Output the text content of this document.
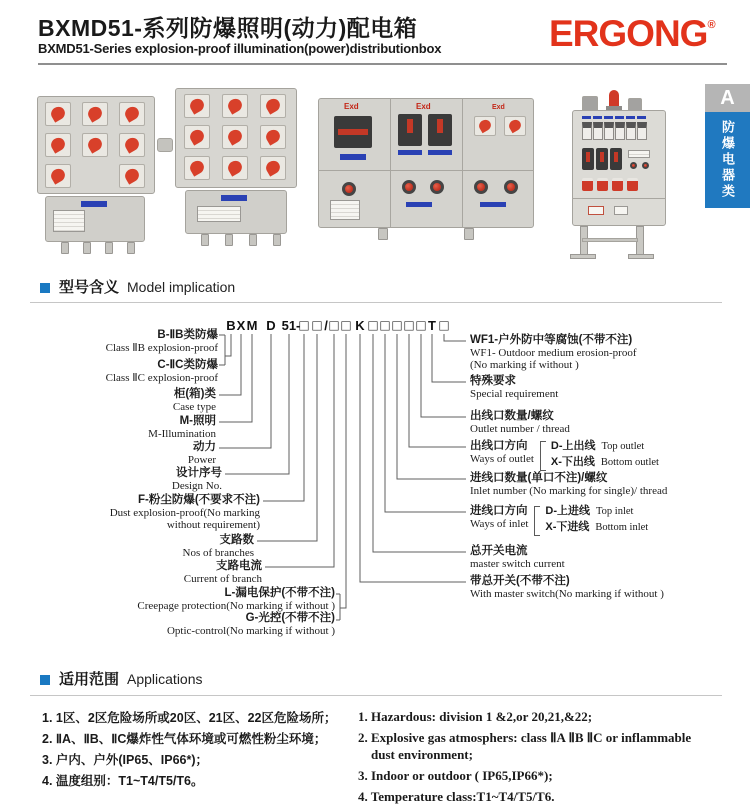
BXMD51-系列防爆照明(动力)配电箱
BXMD51-Series explosion-proof illumination(power)distributionbox	ERGONG®
A
防爆电器类
Exd	Exd	Exd
型号含义 Model implication
B X M D 51-
□ □ / □ □ K □ □ □ □ □ T □
B-ⅡB类防爆
Class ⅡB explosion-proof
C-ⅡC类防爆
Class ⅡC explosion-proof
柜(箱)类
Case type
M-照明
M-Illumination
动力
Power
设计序号
Design No.
F-粉尘防爆(不要求不注)
Dust explosion-proof(No marking without requirement)
支路数
Nos of branches
支路电流
Current of branch
L-漏电保护(不带不注)
Creepage protection(No marking if without )
G-光控(不带不注)
Optic-control(No marking if without )
WF1-户外防中等腐蚀(不带不注)
WF1- Outdoor medium erosion-proof
(No marking if without )
特殊要求
Special requirement
出线口数量/螺纹
Outlet number / thread
出线口方向
Ways of outlet
D-上出线 Top outlet
X-下出线 Bottom outlet
进线口数量(单口不注)/螺纹
Inlet number (No marking for single)/ thread
进线口方向
Ways of inlet
D-上进线 Top inlet
X-下进线 Bottom inlet
总开关电流
master switch current
带总开关(不带不注)
With master switch(No marking if without )
适用范围 Applications

1. 1区、2区危险场所或20区、21区、22区危险场所；

2. ⅡA、ⅡB、ⅡC爆炸性气体环境或可燃性粉尘环境；

3. 户内、户外(IP65、IP66*)；

4. 温度组别：T1~T4/T5/T6。

1. Hazardous: division 1 &2,or 20,21,&22;

2. Explosive gas atmosphers: class ⅡA ⅡB ⅡC or inflammable dust environment;

3. Indoor or outdoor ( IP65,IP66*);

4. Temperature class:T1~T4/T5/T6.
